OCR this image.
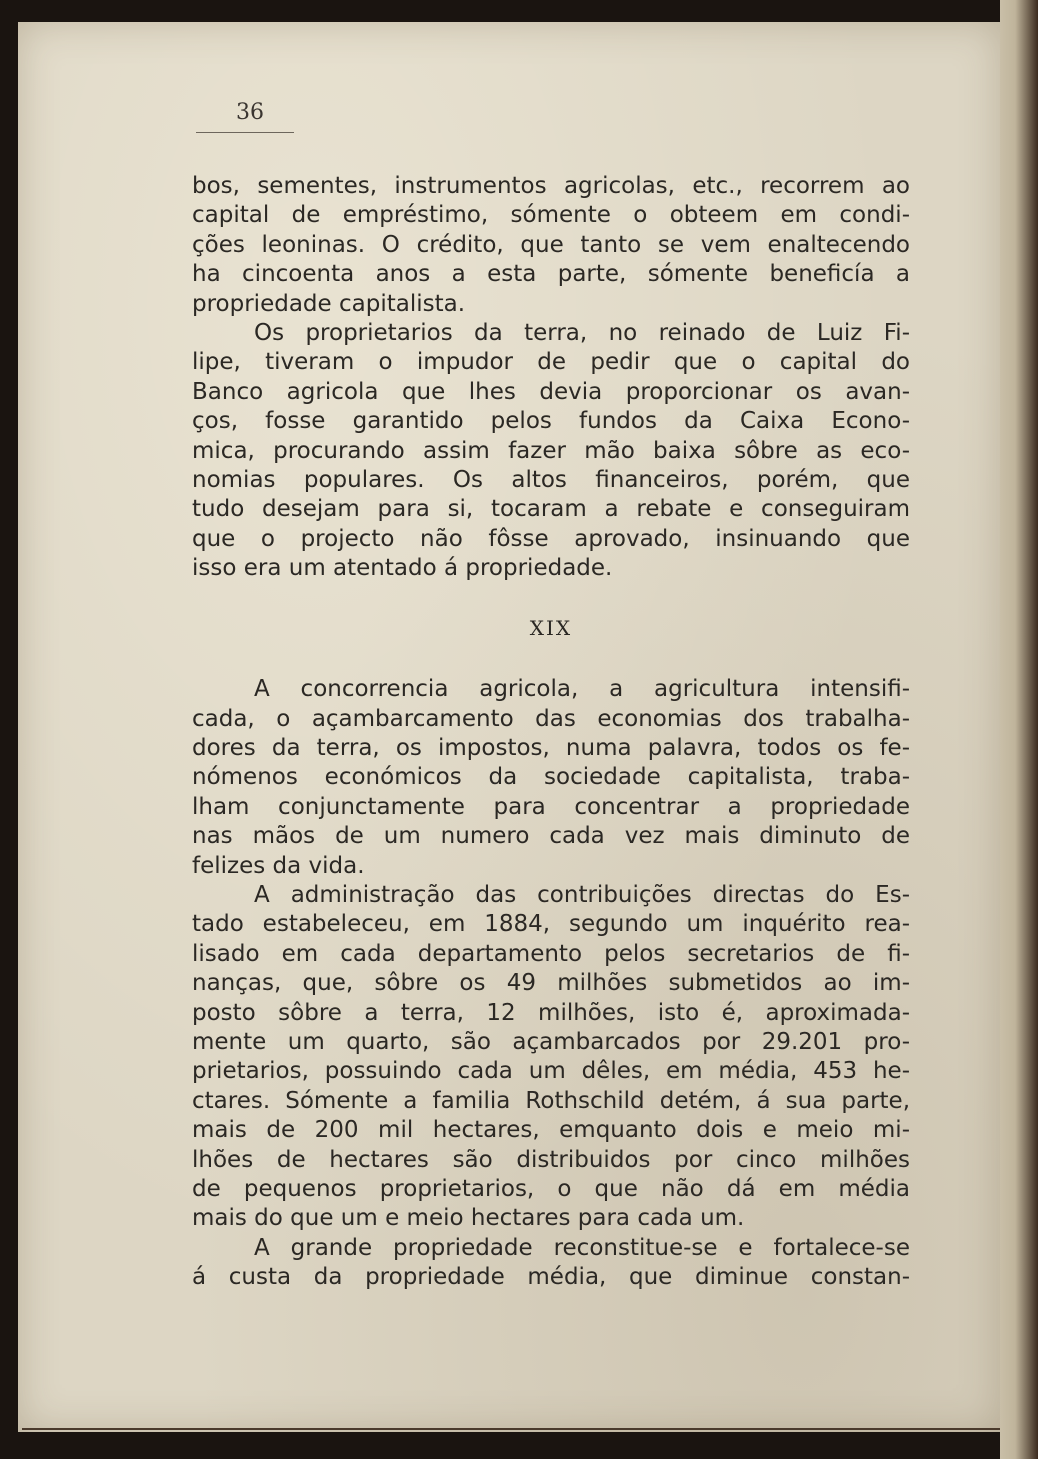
36

bos, sementes, instrumentos agricolas, etc., recorrem ao

capital de empréstimo, sómente o obteem em condi-

ções leoninas. O crédito, que tanto se vem enaltecendo

ha cincoenta anos a esta parte, sómente beneficía a

propriedade capitalista.

Os proprietarios da terra, no reinado de Luiz Fi-

lipe, tiveram o impudor de pedir que o capital do

Banco agricola que lhes devia proporcionar os avan-

ços, fosse garantido pelos fundos da Caixa Econo-

mica, procurando assim fazer mão baixa sôbre as eco-

nomias populares. Os altos financeiros, porém, que

tudo desejam para si, tocaram a rebate e conseguiram

que o projecto não fôsse aprovado, insinuando que

isso era um atentado á propriedade.

XIX

A concorrencia agricola, a agricultura intensifi-

cada, o açambarcamento das economias dos trabalha-

dores da terra, os impostos, numa palavra, todos os fe-

nómenos económicos da sociedade capitalista, traba-

lham conjunctamente para concentrar a propriedade

nas mãos de um numero cada vez mais diminuto de

felizes da vida.

A administração das contribuições directas do Es-

tado estabeleceu, em 1884, segundo um inquérito rea-

lisado em cada departamento pelos secretarios de fi-

nanças, que, sôbre os 49 milhões submetidos ao im-

posto sôbre a terra, 12 milhões, isto é, aproximada-

mente um quarto, são açambarcados por 29.201 pro-

prietarios, possuindo cada um dêles, em média, 453 he-

ctares. Sómente a familia Rothschild detém, á sua parte,

mais de 200 mil hectares, emquanto dois e meio mi-

lhões de hectares são distribuidos por cinco milhões

de pequenos proprietarios, o que não dá em média

mais do que um e meio hectares para cada um.

A grande propriedade reconstitue-se e fortalece-se

á custa da propriedade média, que diminue constan-
